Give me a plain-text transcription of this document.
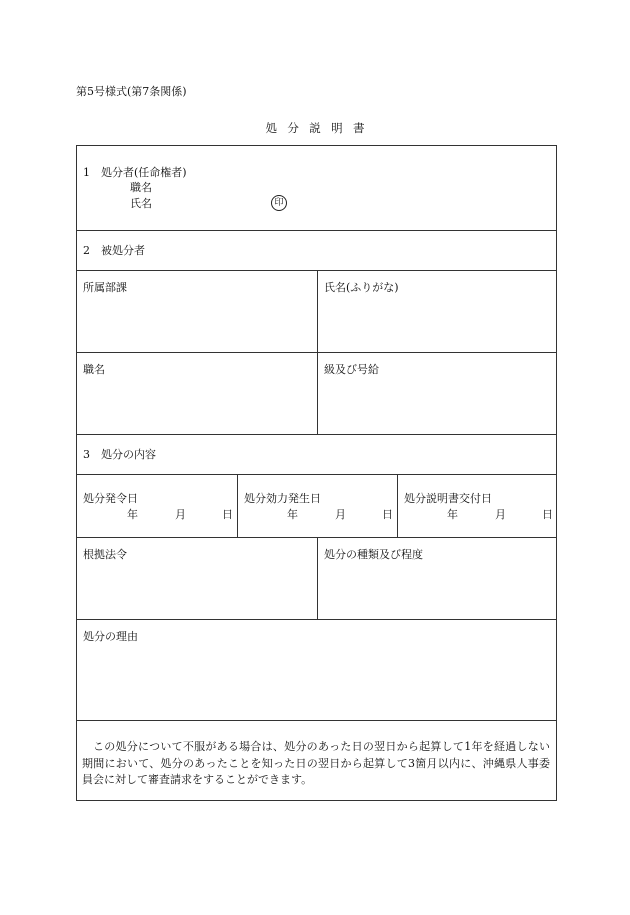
第5号様式(第7条関係)
処分説明書
1　処分者(任命権者)
職名
氏名	印
2　被処分者
所属部課	氏名(ふりがな)
職名	級及び号給
3　処分の内容
処分発令日
年	月	日
処分効力発生日
年	月	日
処分説明書交付日
年	月	日
根拠法令	処分の種類及び程度
処分の理由
この処分について不服がある場合は、処分のあった日の翌日から起算して1年を経過しない期間において、処分のあったことを知った日の翌日から起算して3箇月以内に、沖縄県人事委員会に対して審査請求をすることができます。
